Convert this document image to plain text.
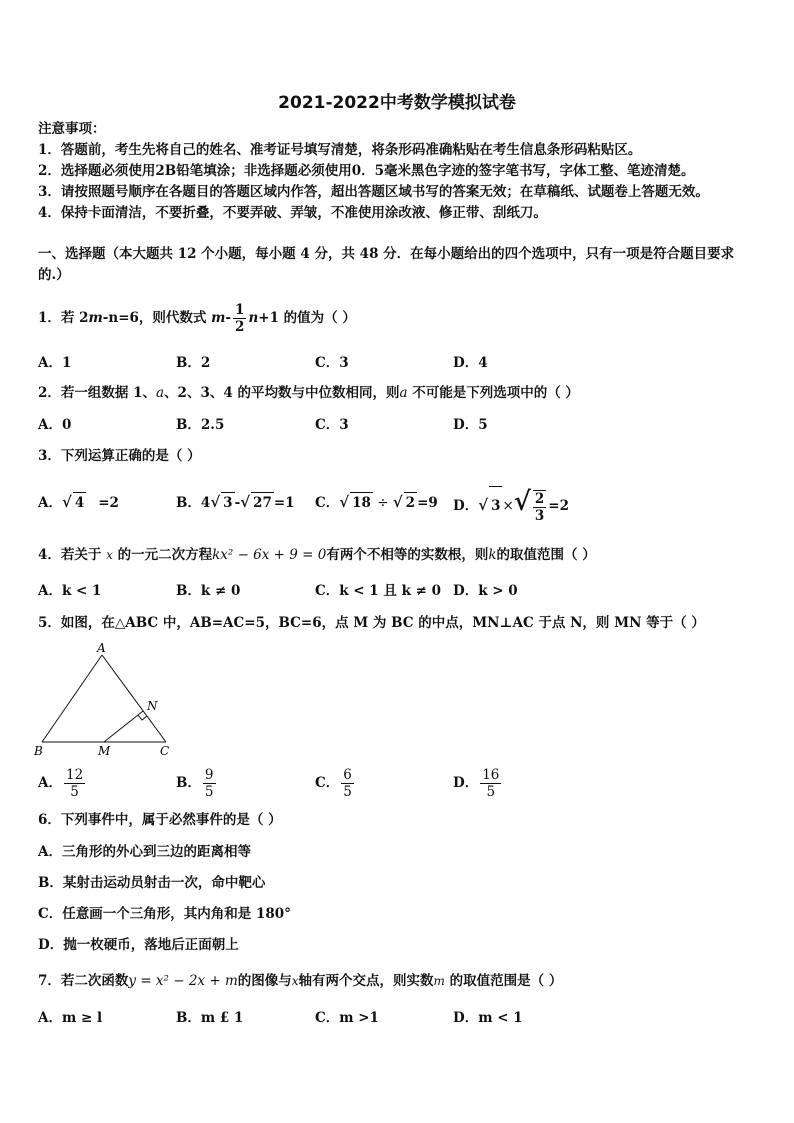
2021-2022中考数学模拟试卷
注意事项：
1．答题前，考生先将自己的姓名、准考证号填写清楚，将条形码准确粘贴在考生信息条形码粘贴区。
2．选择题必须使用2B铅笔填涂；非选择题必须使用0．5毫米黑色字迹的签字笔书写，字体工整、笔迹清楚。
3．请按照题号顺序在各题目的答题区域内作答，超出答题区域书写的答案无效；在草稿纸、试题卷上答题无效。
4．保持卡面清洁，不要折叠，不要弄破、弄皱，不准使用涂改液、修正带、刮纸刀。
一、选择题（本大题共 12 个小题，每小题 4 分，共 48 分．在每小题给出的四个选项中，只有一项是符合题目要求
的.）
1．若 2m-n=6，则代数式 $m- \frac{1}{2} n+1$ 的值为（ ）
A．1	B．2	C．3	D．4
2．若一组数据 1、a、2、3、4 的平均数与中位数相同，则a 不可能是下列选项中的（ ）
A．0	B．2.5	C．3	D．5
3．下列运算正确的是（ ）
A．√ 4 =2	B．4√ 3 -√ 27 =1 C．√ 18 ÷ √ 2 =9 D．√ 3 ×√ $\frac{2}{3} =2$
4．若关于 x 的一元二次方程kx² − 6x + 9 = 0有两个不相等的实数根，则k的取值范围（ ）
A．k < 1	B．k ≠ 0	C．k < 1 且 k ≠ 0 D．k > 0
5．如图，在△ABC 中，AB=AC=5，BC=6，点 M 为 BC 的中点，MN⊥AC 于点 N，则 MN 等于（ ）
A
B	C
M
N
A． $\frac{12}{5}$	B． $\frac{9}{5}$	C． $\frac{6}{5}$	D． $\frac{16}{5}$
6．下列事件中，属于必然事件的是（ ）
A．三角形的外心到三边的距离相等
B．某射击运动员射击一次，命中靶心
C．任意画一个三角形，其内角和是 180°
D．抛一枚硬币，落地后正面朝上
7．若二次函数y = x² − 2x + m的图像与x轴有两个交点，则实数m 的取值范围是（ ）
A．m ≥ l	B．m £ 1	C．m >1	D．m < 1
